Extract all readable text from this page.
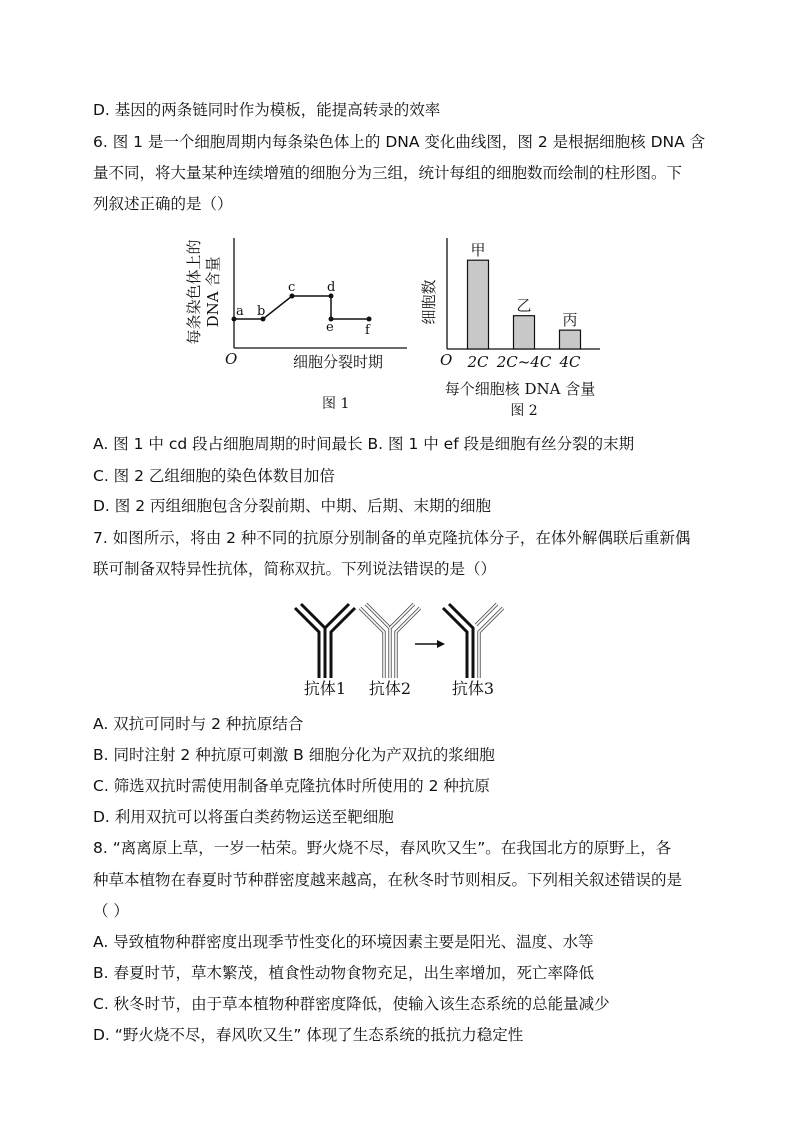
D. 基因的两条链同时作为模板，能提高转录的效率
6. 图 1 是一个细胞周期内每条染色体上的 DNA 变化曲线图，图 2 是根据细胞核 DNA 含
量不同，将大量某种连续增殖的细胞分为三组，统计每组的细胞数而绘制的柱形图。下
列叙述正确的是（）
每条染色体上的 DNA 含量
O	细胞分裂时期
a b
c d
e f
图 1
细胞数
O
甲
2C
乙
2C~4C
丙
4C
每个细胞核 DNA 含量
图 2
A. 图 1 中 cd 段占细胞周期的时间最长 B. 图 1 中 ef 段是细胞有丝分裂的末期
C. 图 2 乙组细胞的染色体数目加倍
D. 图 2 丙组细胞包含分裂前期、中期、后期、末期的细胞
7. 如图所示，将由 2 种不同的抗原分别制备的单克隆抗体分子，在体外解偶联后重新偶
联可制备双特异性抗体，简称双抗。下列说法错误的是（）
抗体1 抗体2	抗体3
A. 双抗可同时与 2 种抗原结合
B. 同时注射 2 种抗原可刺激 B 细胞分化为产双抗的浆细胞
C. 筛选双抗时需使用制备单克隆抗体时所使用的 2 种抗原
D. 利用双抗可以将蛋白类药物运送至靶细胞
8. “离离原上草，一岁一枯荣。野火烧不尽，春风吹又生”。在我国北方的原野上，各
种草本植物在春夏时节种群密度越来越高，在秋冬时节则相反。下列相关叙述错误的是
（ ）
A. 导致植物种群密度出现季节性变化的环境因素主要是阳光、温度、水等
B. 春夏时节，草木繁茂，植食性动物食物充足，出生率增加，死亡率降低
C. 秋冬时节，由于草本植物种群密度降低，使输入该生态系统的总能量减少
D. “野火烧不尽，春风吹又生” 体现了生态系统的抵抗力稳定性
